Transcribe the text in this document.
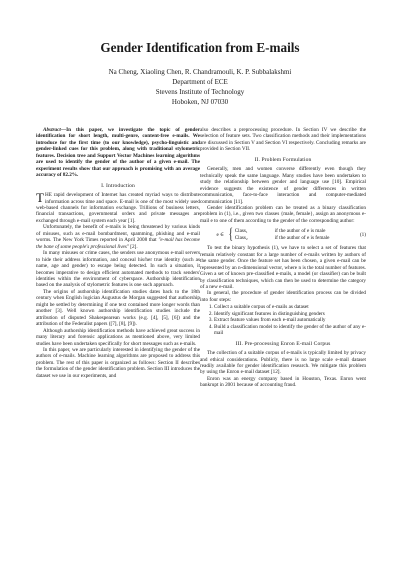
Gender Identification from E-mails
Na Cheng, Xiaoling Chen, R. Chandramouli, K. P. Subbalakshmi
Department of ECE
Stevens Institute of Technology
Hoboken, NJ 07030

Abstract—In this paper, we investigate the topic of gender identification for short length, multi-genre, content-free e-mails. We introduce for the first time (to our knowledge), psycho-linguistic and gender-linked cues for this problem, along with traditional stylometric features. Decision tree and Support Vector Machines learning algorithms are used to identify the gender of the author of a given e-mail. The experiment results show that our approach is promising with an average accuracy of 82.2%.

I. Introduction

THE rapid development of Internet has created myriad ways to distribute information across time and space. E-mail is one of the most widely used web-based channels for information exchange. Trillions of business letters, financial transactions, governmental orders and private messages are exchanged through e-mail system each year [1].

Unfortunately, the benefit of e-mails is being threatened by various kinds of misuses, such as e-mail bombardment, spamming, phishing and e-mail worms. The New York Times reported in April 2008 that "e-mail has become the bane of some people's professional lives" [2].

In many misuses or crime cases, the senders use anonymous e-mail servers to hide their address information, and conceal his/her true identity (such as name, age and gender) to escape being detected. In such a situation, it becomes imperative to design efficient automated methods to track senders' identities within the environment of cyberspace. Authorship identification based on the analysis of stylometric features is one such approach.

The origins of authorship identification studies dates back to the 18th century when English logician Augustus de Morgan suggested that authorship might be settled by determining if one text contained more longer words than another [3]. Well known authorship identification studies include the attribution of disputed Shakespearean works (e.g. [4], [5], [6]) and the attribution of the Federalist papers ([7], [8], [9]).

Although authorship identification methods have achieved great success in many literary and forensic applications as mentioned above, very limited studies have been undertaken specifically for short messages such as e-mails.

In this paper, we are particularly interested in identifying the gender of the authors of e-mails. Machine learning algorithms are proposed to address this problem. The rest of this paper is organized as follows: Section II describes the formulation of the gender identification problem. Section III introduces the dataset we use in our experiments, and

also describes a preprocessing procedure. In Section IV we describe the selection of feature sets. Two classification methods and their implementations are discussed in Section V and Section VI respectively. Concluding remarks are provided in Section VII.

II. Problem Formulation

Generally, men and women converse differently even though they technically speak the same language. Many studies have been undertaken to study the relationship between gender and language use [10]. Empirical evidence suggests the existence of gender differences in written communication, face-to-face interaction and computer-mediated communication [11].

Gender identification problem can be treated as a binary classification problem in (1), i.e., given two classes {male, female}, assign an anonymous e-mail e to one of them according to the gender of the corresponding author:

e ∈ { Class₁	if the author of e is male
Class₂	if the author of e is female
(1)

To test the binary hypothesis (1), we have to select a set of features that remain relatively constant for a large number of e-mails written by authors of the same gender. Once the feature set has been chosen, a given e-mail can be represented by an n-dimensional vector, where n is the total number of features. Given a set of known pre-classified e-mails, a model (or classifier) can be built by classification techniques, which can then be used to determine the category of a new e-mail.

In general, the procedure of gender identification process can be divided into four steps:

1. Collect a suitable corpus of e-mails as dataset
2. Identify significant features in distinguishing genders
3. Extract feature values from each e-mail automatically
4. Build a classification model to identify the gender of the author of any e-mail
III. Pre-processing Enron E-mail Corpus

The collection of a suitable corpus of e-mails is typically limited by privacy and ethical considerations. Publicly, there is no large scale e-mail dataset readily available for gender identification research. We mitigate this problem by using the Enron e-mail dataset [12].

Enron was an energy company based in Houston, Texas. Enron went bankrupt in 2001 because of accounting fraud.
